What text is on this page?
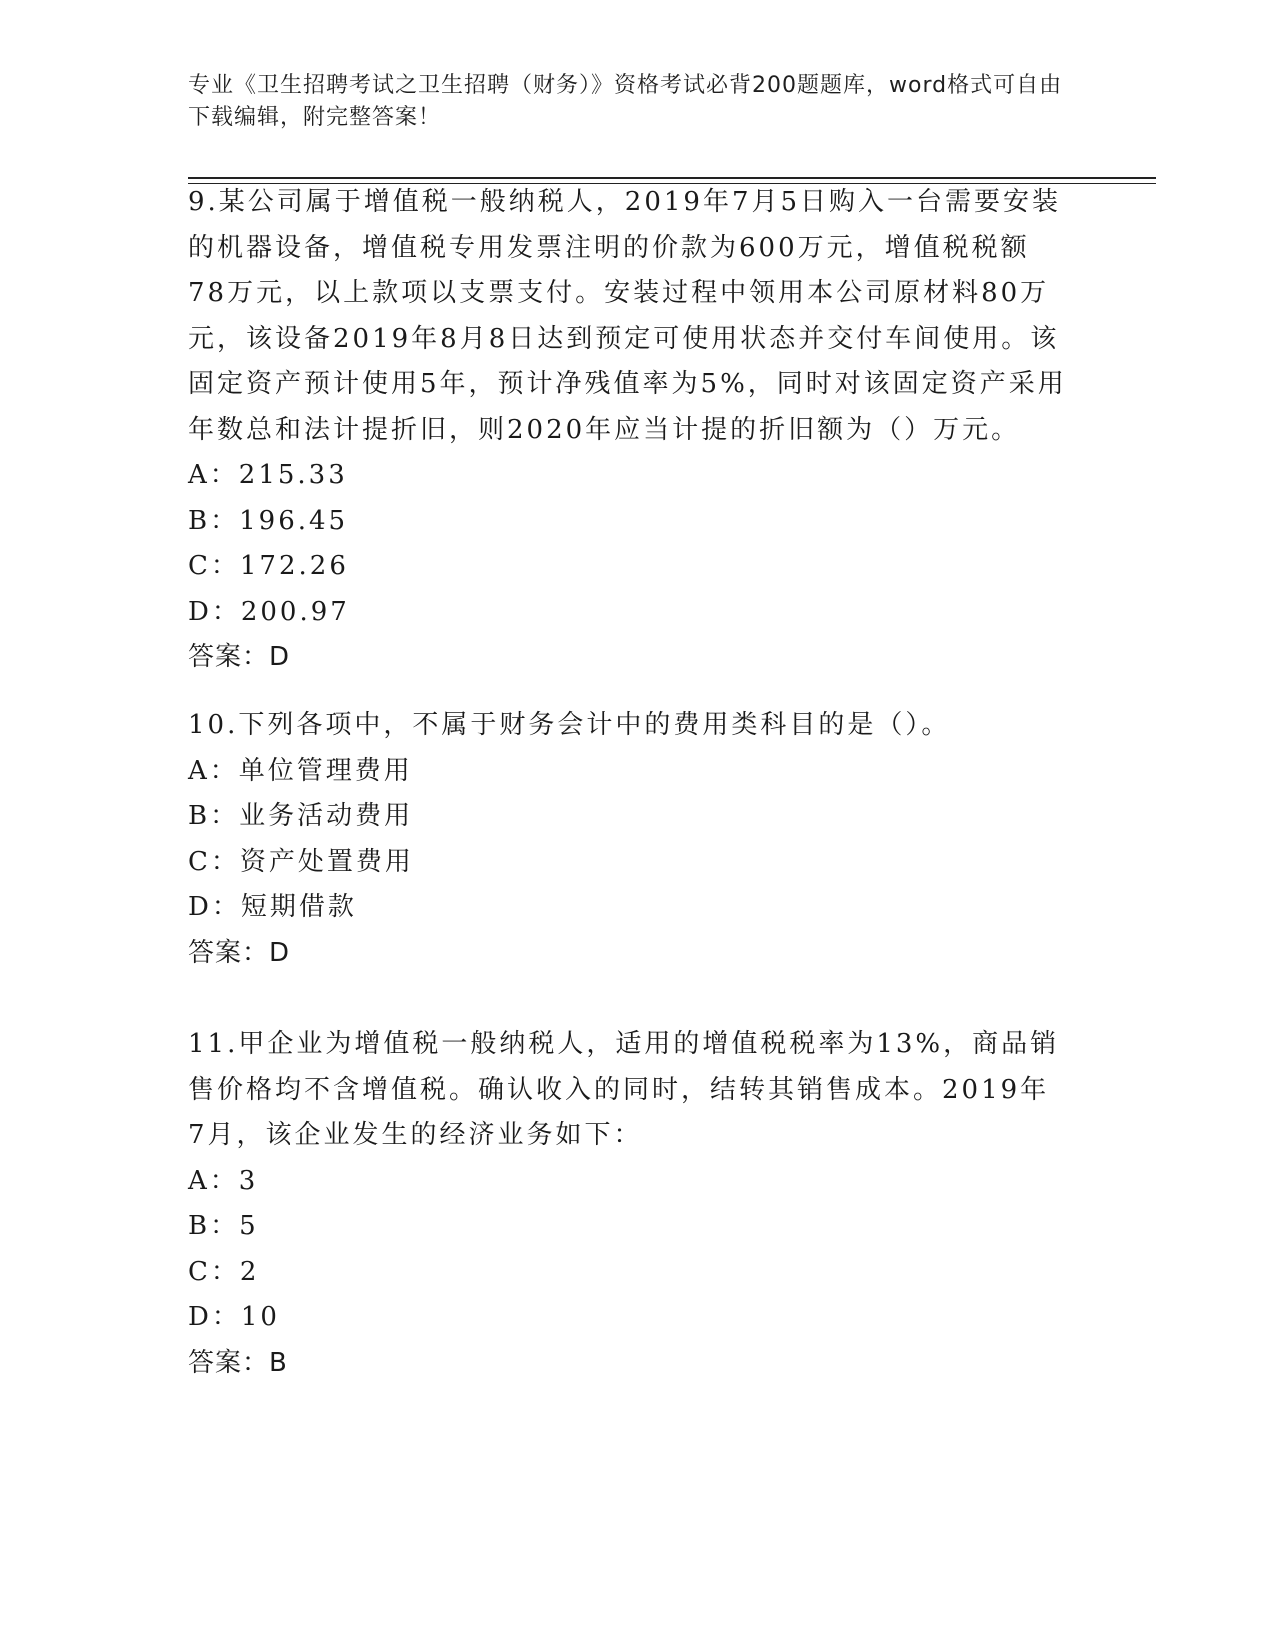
专业《卫生招聘考试之卫生招聘（财务）》资格考试必背200题题库，word格式可自由下载编辑，附完整答案！

9.某公司属于增值税一般纳税人，2019年7月5日购入一台需要安装的机器设备，增值税专用发票注明的价款为600万元，增值税税额78万元，以上款项以支票支付。安装过程中领用本公司原材料80万元，该设备2019年8月8日达到预定可使用状态并交付车间使用。该固定资产预计使用5年，预计净残值率为5%，同时对该固定资产采用年数总和法计提折旧，则2020年应当计提的折旧额为（）万元。

A：215.33
B：196.45
C：172.26
D：200.97
答案：D

10.下列各项中，不属于财务会计中的费用类科目的是（）。

A：单位管理费用
B：业务活动费用
C：资产处置费用
D：短期借款
答案：D

11.甲企业为增值税一般纳税人，适用的增值税税率为13%，商品销售价格均不含增值税。确认收入的同时，结转其销售成本。2019年7月，该企业发生的经济业务如下：

A：3
B：5
C：2
D：10
答案：B
